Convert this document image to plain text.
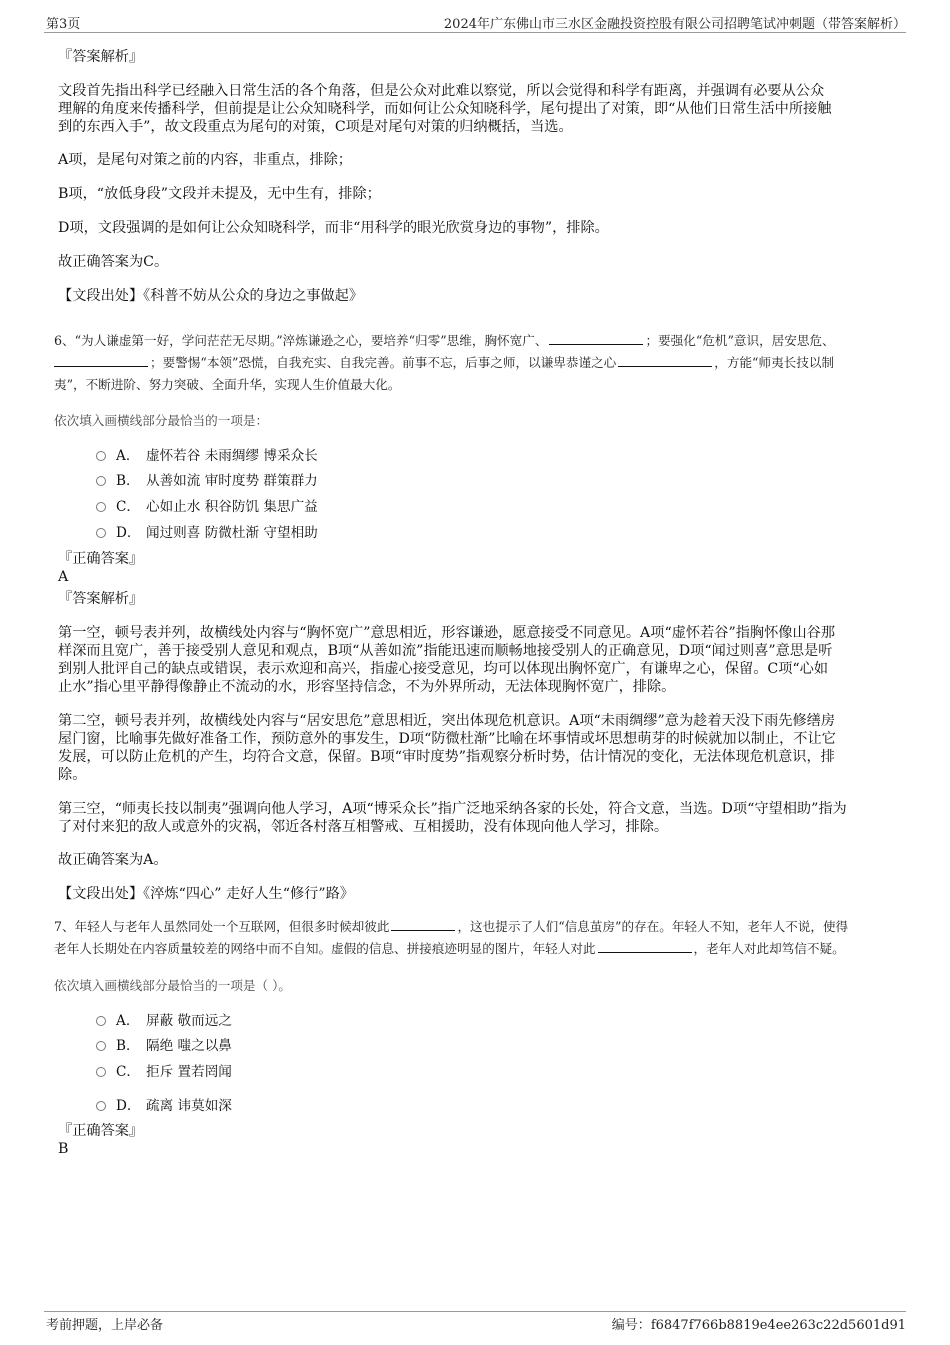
第3页	2024年广东佛山市三水区金融投资控股有限公司招聘笔试冲刺题（带答案解析）
『答案解析』
文段首先指出科学已经融入日常生活的各个角落，但是公众对此难以察觉，所以会觉得和科学有距离，并强调有必要从公众
理解的角度来传播科学，但前提是让公众知晓科学，而如何让公众知晓科学，尾句提出了对策，即“从他们日常生活中所接触
到的东西入手”，故文段重点为尾句的对策，C项是对尾句对策的归纳概括，当选。
A项，是尾句对策之前的内容，非重点，排除；
B项，“放低身段”文段并未提及，无中生有，排除；
D项，文段强调的是如何让公众知晓科学，而非“用科学的眼光欣赏身边的事物”，排除。
故正确答案为C。
【文段出处】《科普不妨从公众的身边之事做起》
6、“为人谦虚第一好，学问茫茫无尽期。”淬炼谦逊之心，要培养“归零”思维，胸怀宽广、	；要强化“危机”意识，居安思危、
；要警惕“本领”恐慌，自我充实、自我完善。前事不忘，后事之师，以谦卑恭谨之心	，方能“师夷长技以制
夷”，不断进阶、努力突破、全面升华，实现人生价值最大化。
依次填入画横线部分最恰当的一项是：
A． 虚怀若谷 未雨绸缪 博采众长
B． 从善如流 审时度势 群策群力
C． 心如止水 积谷防饥 集思广益
D． 闻过则喜 防微杜渐 守望相助
『正确答案』
A
『答案解析』
第一空，顿号表并列，故横线处内容与“胸怀宽广”意思相近，形容谦逊，愿意接受不同意见。A项“虚怀若谷”指胸怀像山谷那
样深而且宽广，善于接受别人意见和观点，B项“从善如流”指能迅速而顺畅地接受别人的正确意见，D项“闻过则喜”意思是听
到别人批评自己的缺点或错误，表示欢迎和高兴，指虚心接受意见，均可以体现出胸怀宽广，有谦卑之心，保留。C项“心如
止水”指心里平静得像静止不流动的水，形容坚持信念，不为外界所动，无法体现胸怀宽广，排除。
第二空，顿号表并列，故横线处内容与“居安思危”意思相近，突出体现危机意识。A项“未雨绸缪”意为趁着天没下雨先修缮房
屋门窗，比喻事先做好准备工作，预防意外的事发生，D项“防微杜渐”比喻在坏事情或坏思想萌芽的时候就加以制止，不让它
发展，可以防止危机的产生，均符合文意，保留。B项“审时度势”指观察分析时势，估计情况的变化，无法体现危机意识，排
除。
第三空，“师夷长技以制夷”强调向他人学习，A项“博采众长”指广泛地采纳各家的长处，符合文意，当选。D项“守望相助”指为
了对付来犯的敌人或意外的灾祸，邻近各村落互相警戒、互相援助，没有体现向他人学习，排除。
故正确答案为A。
【文段出处】《淬炼“四心” 走好人生“修行”路》
7、年轻人与老年人虽然同处一个互联网，但很多时候却彼此	，这也提示了人们“信息茧房”的存在。年轻人不知，老年人不说，使得
老年人长期处在内容质量较差的网络中而不自知。虚假的信息、拼接痕迹明显的图片，年轻人对此	，老年人对此却笃信不疑。
依次填入画横线部分最恰当的一项是（ ）。
A． 屏蔽 敬而远之
B． 隔绝 嗤之以鼻
C． 拒斥 置若罔闻
D． 疏离 讳莫如深
『正确答案』
B
考前押题，上岸必备	编号：f6847f766b8819e4ee263c22d5601d91
